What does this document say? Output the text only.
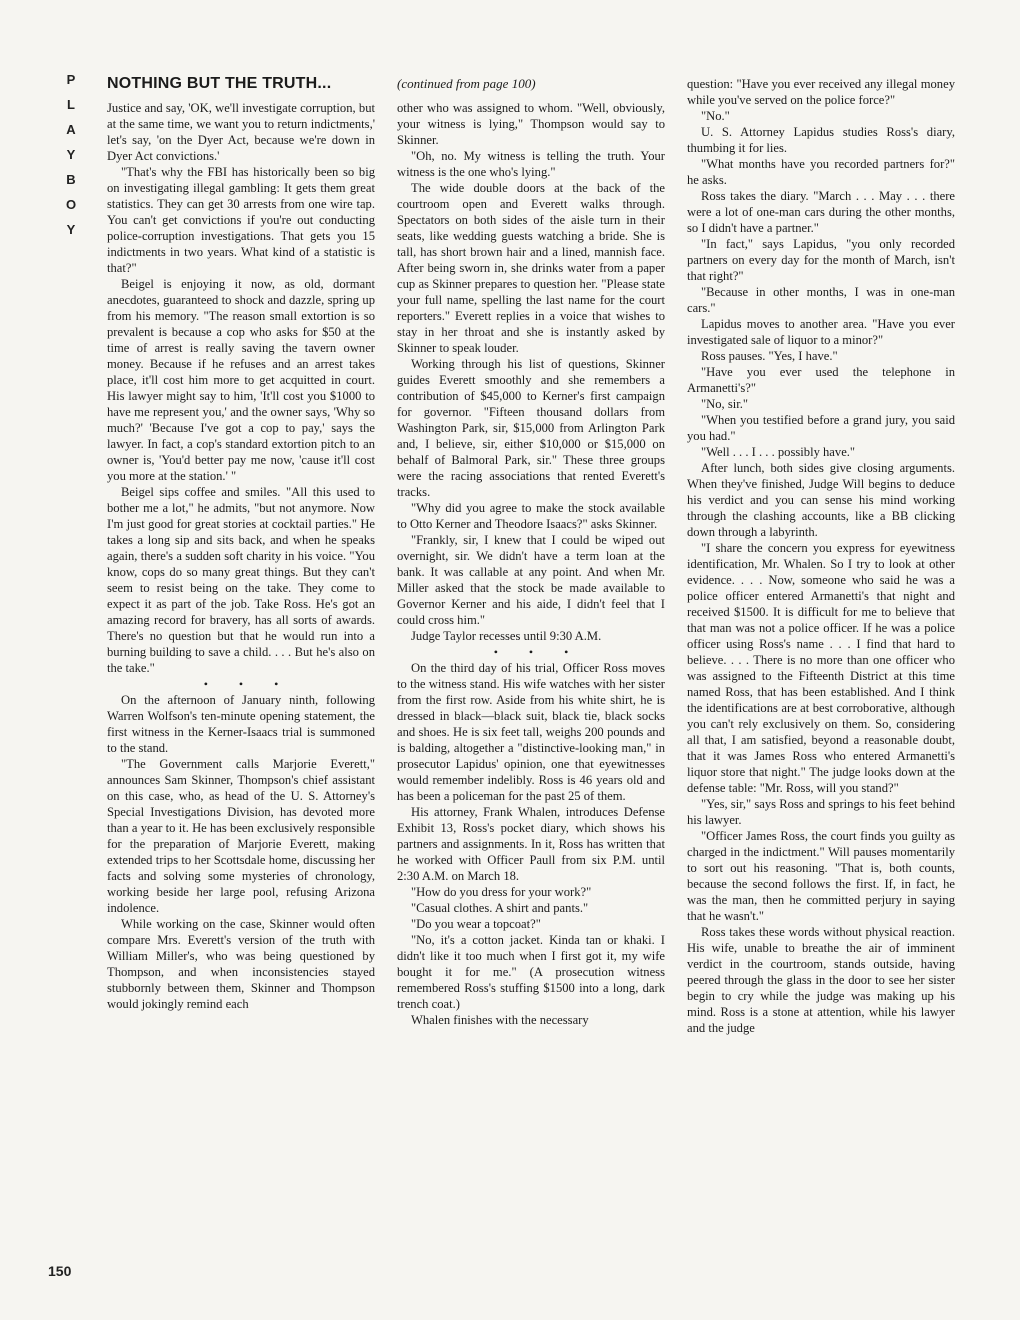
P
L
A
Y
B
O
Y
150
NOTHING BUT THE TRUTH...

Justice and say, 'OK, we'll investigate corruption, but at the same time, we want you to return indictments,' let's say, 'on the Dyer Act, because we're down in Dyer Act convictions.'

"That's why the FBI has historically been so big on investigating illegal gambling: It gets them great statistics. They can get 30 arrests from one wire tap. You can't get convictions if you're out conducting police-corruption investigations. That gets you 15 indictments in two years. What kind of a statistic is that?"

Beigel is enjoying it now, as old, dormant anecdotes, guaranteed to shock and dazzle, spring up from his memory. "The reason small extortion is so prevalent is because a cop who asks for $50 at the time of arrest is really saving the tavern owner money. Because if he refuses and an arrest takes place, it'll cost him more to get acquitted in court. His lawyer might say to him, 'It'll cost you $1000 to have me represent you,' and the owner says, 'Why so much?' 'Because I've got a cop to pay,' says the lawyer. In fact, a cop's standard extortion pitch to an owner is, 'You'd better pay me now, 'cause it'll cost you more at the station.' "

Beigel sips coffee and smiles. "All this used to bother me a lot," he admits, "but not anymore. Now I'm just good for great stories at cocktail parties." He takes a long sip and sits back, and when he speaks again, there's a sudden soft charity in his voice. "You know, cops do so many great things. But they can't seem to resist being on the take. They come to expect it as part of the job. Take Ross. He's got an amazing record for bravery, has all sorts of awards. There's no question but that he would run into a burning building to save a child. . . . But he's also on the take."

• • •

On the afternoon of January ninth, following Warren Wolfson's ten-minute opening statement, the first witness in the Kerner-Isaacs trial is summoned to the stand.

"The Government calls Marjorie Everett," announces Sam Skinner, Thompson's chief assistant on this case, who, as head of the U. S. Attorney's Special Investigations Division, has devoted more than a year to it. He has been exclusively responsible for the preparation of Marjorie Everett, making extended trips to her Scottsdale home, discussing her facts and solving some mysteries of chronology, working beside her large pool, refusing Arizona indolence.

While working on the case, Skinner would often compare Mrs. Everett's version of the truth with William Miller's, who was being questioned by Thompson, and when inconsistencies stayed stubbornly between them, Skinner and Thompson would jokingly remind each

(continued from page 100)

other who was assigned to whom. "Well, obviously, your witness is lying," Thompson would say to Skinner.

"Oh, no. My witness is telling the truth. Your witness is the one who's lying."

The wide double doors at the back of the courtroom open and Everett walks through. Spectators on both sides of the aisle turn in their seats, like wedding guests watching a bride. She is tall, has short brown hair and a lined, mannish face. After being sworn in, she drinks water from a paper cup as Skinner prepares to question her. "Please state your full name, spelling the last name for the court reporters." Everett replies in a voice that wishes to stay in her throat and she is instantly asked by Skinner to speak louder.

Working through his list of questions, Skinner guides Everett smoothly and she remembers a contribution of $45,000 to Kerner's first campaign for governor. "Fifteen thousand dollars from Washington Park, sir, $15,000 from Arlington Park and, I believe, sir, either $10,000 or $15,000 on behalf of Balmoral Park, sir." These three groups were the racing associations that rented Everett's tracks.

"Why did you agree to make the stock available to Otto Kerner and Theodore Isaacs?" asks Skinner.

"Frankly, sir, I knew that I could be wiped out overnight, sir. We didn't have a term loan at the bank. It was callable at any point. And when Mr. Miller asked that the stock be made available to Governor Kerner and his aide, I didn't feel that I could cross him."

Judge Taylor recesses until 9:30 A.M.

• • •

On the third day of his trial, Officer Ross moves to the witness stand. His wife watches with her sister from the first row. Aside from his white shirt, he is dressed in black—black suit, black tie, black socks and shoes. He is six feet tall, weighs 200 pounds and is balding, altogether a "distinctive-looking man," in prosecutor Lapidus' opinion, one that eyewitnesses would remember indelibly. Ross is 46 years old and has been a policeman for the past 25 of them.

His attorney, Frank Whalen, introduces Defense Exhibit 13, Ross's pocket diary, which shows his partners and assignments. In it, Ross has written that he worked with Officer Paull from six P.M. until 2:30 A.M. on March 18.

"How do you dress for your work?"

"Casual clothes. A shirt and pants."

"Do you wear a topcoat?"

"No, it's a cotton jacket. Kinda tan or khaki. I didn't like it too much when I first got it, my wife bought it for me." (A prosecution witness remembered Ross's stuffing $1500 into a long, dark trench coat.)

Whalen finishes with the necessary

question: "Have you ever received any illegal money while you've served on the police force?"

"No."

U. S. Attorney Lapidus studies Ross's diary, thumbing it for lies.

"What months have you recorded partners for?" he asks.

Ross takes the diary. "March . . . May . . . there were a lot of one-man cars during the other months, so I didn't have a partner."

"In fact," says Lapidus, "you only recorded partners on every day for the month of March, isn't that right?"

"Because in other months, I was in one-man cars."

Lapidus moves to another area. "Have you ever investigated sale of liquor to a minor?"

Ross pauses. "Yes, I have."

"Have you ever used the telephone in Armanetti's?"

"No, sir."

"When you testified before a grand jury, you said you had."

"Well . . . I . . . possibly have."

After lunch, both sides give closing arguments. When they've finished, Judge Will begins to deduce his verdict and you can sense his mind working through the clashing accounts, like a BB clicking down through a labyrinth.

"I share the concern you express for eyewitness identification, Mr. Whalen. So I try to look at other evidence. . . . Now, someone who said he was a police officer entered Armanetti's that night and received $1500. It is difficult for me to believe that that man was not a police officer. If he was a police officer using Ross's name . . . I find that hard to believe. . . . There is no more than one officer who was assigned to the Fifteenth District at this time named Ross, that has been established. And I think the identifications are at best corroborative, although you can't rely exclusively on them. So, considering all that, I am satisfied, beyond a reasonable doubt, that it was James Ross who entered Armanetti's liquor store that night." The judge looks down at the defense table: "Mr. Ross, will you stand?"

"Yes, sir," says Ross and springs to his feet behind his lawyer.

"Officer James Ross, the court finds you guilty as charged in the indictment." Will pauses momentarily to sort out his reasoning. "That is, both counts, because the second follows the first. If, in fact, he was the man, then he committed perjury in saying that he wasn't."

Ross takes these words without physical reaction. His wife, unable to breathe the air of imminent verdict in the courtroom, stands outside, having peered through the glass in the door to see her sister begin to cry while the judge was making up his mind. Ross is a stone at attention, while his lawyer and the judge
